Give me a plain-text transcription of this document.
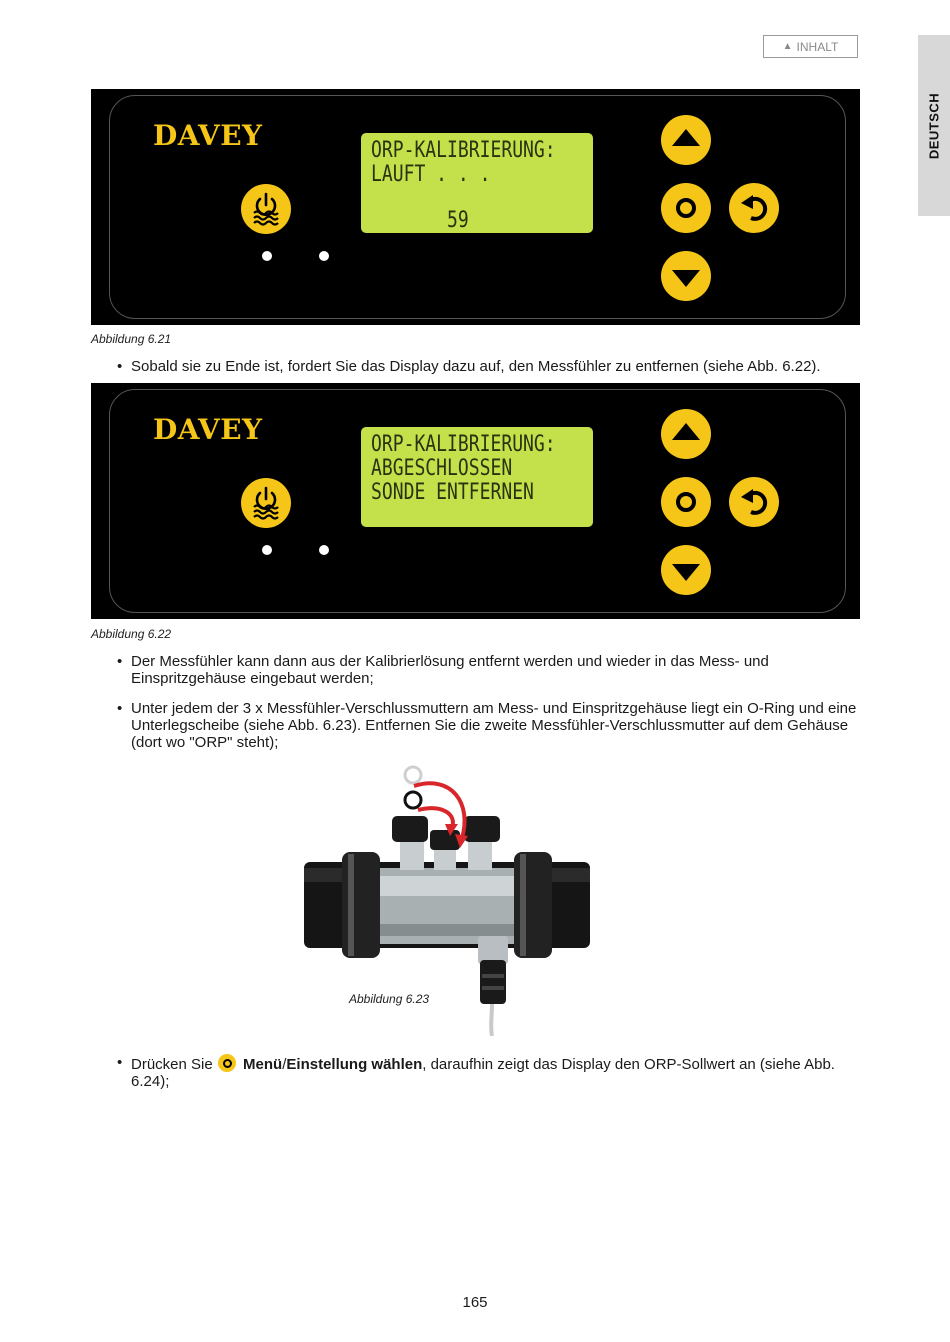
▲ INHALT
DEUTSCH
DAVEY	ORP-KALIBRIERUNG:
LAUFT . . .
59
Abbildung 6.21
• Sobald sie zu Ende ist, fordert Sie das Display dazu auf, den Messfühler zu entfernen (siehe Abb. 6.22).
DAVEY	ORP-KALIBRIERUNG:
ABGESCHLOSSEN
SONDE ENTFERNEN
Abbildung 6.22
• Der Messfühler kann dann aus der Kalibrierlösung entfernt werden und wieder in das Mess- und Einspritzgehäuse eingebaut werden;
• Unter jedem der 3 x Messfühler-Verschlussmuttern am Mess- und Einspritzgehäuse liegt ein O-Ring und eine Unterlegscheibe (siehe Abb. 6.23). Entfernen Sie die zweite Messfühler-Verschlussmutter auf dem Gehäuse (dort wo "ORP" steht);
Abbildung 6.23
• Drücken Sie  Menü/Einstellung wählen, daraufhin zeigt das Display den ORP-Sollwert an (siehe Abb. 6.24);
165
